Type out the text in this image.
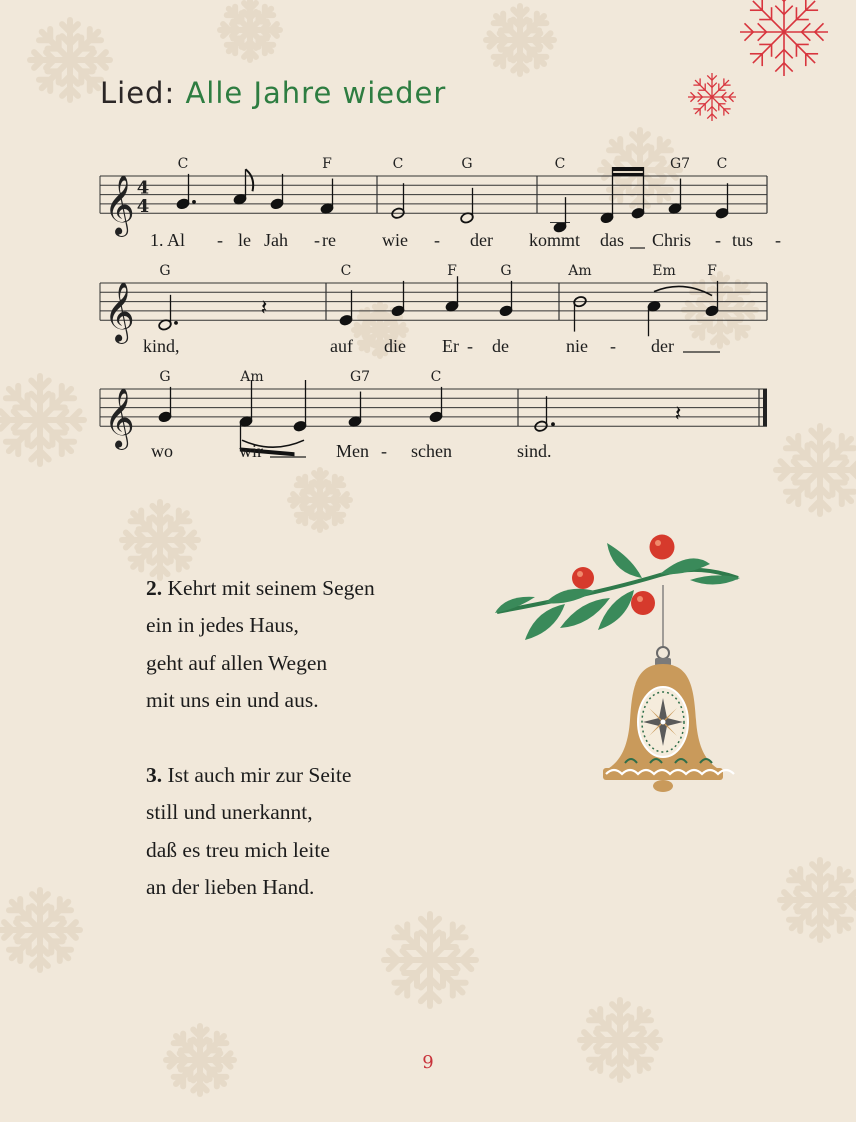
Lied: Alle Jahre wieder
𝄞 4
4
C	F	C	G	C	G7 C
1. Al - le Jah - re	wie - der kommt das Chris - tus -
𝄞	𝄽
G	C	F	G	Am	Em F
kind,	auf die Er - de	nie - der
𝄞	𝄽
G	Am	G7	C
wo	wir	Men - schen	sind.
2. Kehrt mit seinem Segen
ein in jedes Haus,
geht auf allen Wegen
mit uns ein und aus.
3. Ist auch mir zur Seite
still und unerkannt,
daß es treu mich leite
an der lieben Hand.
9
